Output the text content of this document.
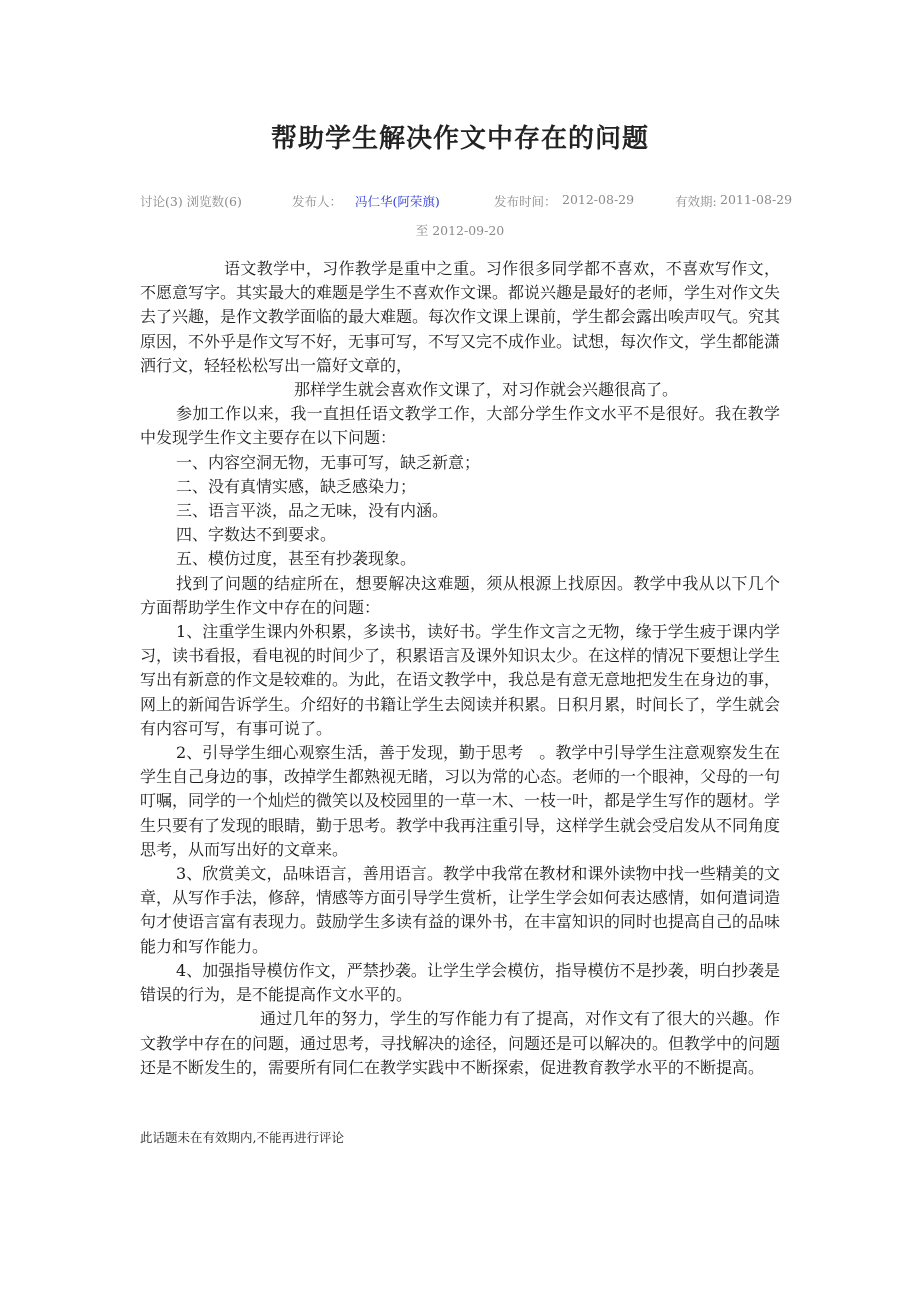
帮助学生解决作文中存在的问题
讨论(3) 浏览数(6)	发布人： 冯仁华(阿荣旗)	发布时间： 2012-08-29	有效期: 2011-08-29
至 2012-09-20

语文教学中，习作教学是重中之重。习作很多同学都不喜欢，不喜欢写作文，不愿意写字。其实最大的难题是学生不喜欢作文课。都说兴趣是最好的老师，学生对作文失去了兴趣，是作文教学面临的最大难题。每次作文课上课前，学生都会露出唉声叹气。究其原因，不外乎是作文写不好，无事可写，不写又完不成作业。试想，每次作文，学生都能潇洒行文，轻轻松松写出一篇好文章的，

那样学生就会喜欢作文课了，对习作就会兴趣很高了。

参加工作以来，我一直担任语文教学工作，大部分学生作文水平不是很好。我在教学中发现学生作文主要存在以下问题：

一、内容空洞无物，无事可写，缺乏新意；

二、没有真情实感，缺乏感染力；

三、语言平淡，品之无味，没有内涵。

四、字数达不到要求。

五、模仿过度，甚至有抄袭现象。

找到了问题的结症所在，想要解决这难题，须从根源上找原因。教学中我从以下几个方面帮助学生作文中存在的问题：

1、注重学生课内外积累，多读书，读好书。学生作文言之无物，缘于学生疲于课内学习，读书看报，看电视的时间少了，积累语言及课外知识太少。在这样的情况下要想让学生写出有新意的作文是较难的。为此，在语文教学中，我总是有意无意地把发生在身边的事，网上的新闻告诉学生。介绍好的书籍让学生去阅读并积累。日积月累，时间长了，学生就会有内容可写，有事可说了。

2、引导学生细心观察生活，善于发现，勤于思考　。教学中引导学生注意观察发生在学生自己身边的事，改掉学生都熟视无睹，习以为常的心态。老师的一个眼神，父母的一句叮嘱，同学的一个灿烂的微笑以及校园里的一草一木、一枝一叶，都是学生写作的题材。学生只要有了发现的眼睛，勤于思考。教学中我再注重引导，这样学生就会受启发从不同角度思考，从而写出好的文章来。

3、欣赏美文，品味语言，善用语言。教学中我常在教材和课外读物中找一些精美的文章，从写作手法，修辞，情感等方面引导学生赏析，让学生学会如何表达感情，如何遣词造句才使语言富有表现力。鼓励学生多读有益的课外书，在丰富知识的同时也提高自己的品味能力和写作能力。

4、加强指导模仿作文，严禁抄袭。让学生学会模仿，指导模仿不是抄袭，明白抄袭是错误的行为，是不能提高作文水平的。

通过几年的努力，学生的写作能力有了提高，对作文有了很大的兴趣。作文教学中存在的问题，通过思考，寻找解决的途径，问题还是可以解决的。但教学中的问题还是不断发生的，需要所有同仁在教学实践中不断探索，促进教育教学水平的不断提高。

此话题未在有效期内,不能再进行评论
